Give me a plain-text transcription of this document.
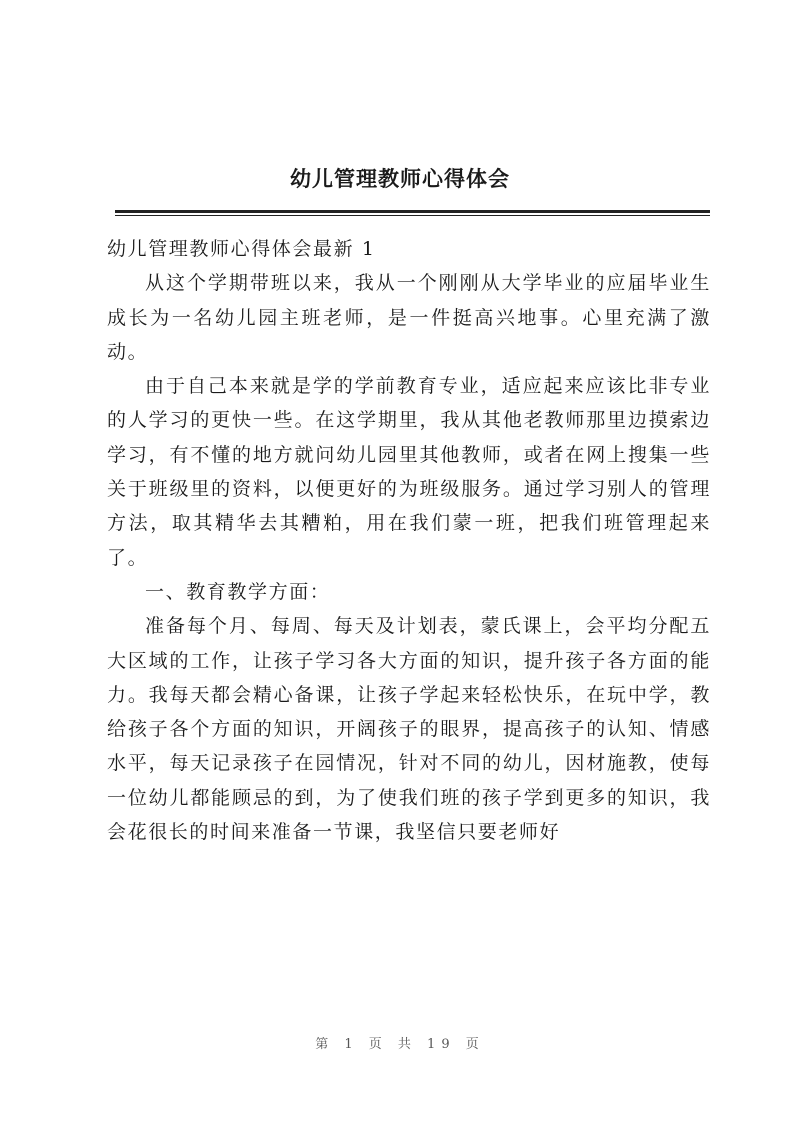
幼儿管理教师心得体会

幼儿管理教师心得体会最新 1

从这个学期带班以来，我从一个刚刚从大学毕业的应届毕业生成长为一名幼儿园主班老师，是一件挺高兴地事。心里充满了激动。

由于自己本来就是学的学前教育专业，适应起来应该比非专业的人学习的更快一些。在这学期里，我从其他老教师那里边摸索边学习，有不懂的地方就问幼儿园里其他教师，或者在网上搜集一些关于班级里的资料，以便更好的为班级服务。通过学习别人的管理方法，取其精华去其糟粕，用在我们蒙一班，把我们班管理起来了。

一、教育教学方面：

准备每个月、每周、每天及计划表，蒙氏课上，会平均分配五大区域的工作，让孩子学习各大方面的知识，提升孩子各方面的能力。我每天都会精心备课，让孩子学起来轻松快乐，在玩中学，教给孩子各个方面的知识，开阔孩子的眼界，提高孩子的认知、情感水平，每天记录孩子在园情况，针对不同的幼儿，因材施教，使每一位幼儿都能顾忌的到，为了使我们班的孩子学到更多的知识，我会花很长的时间来准备一节课，我坚信只要老师好

第 1 页 共 19 页
